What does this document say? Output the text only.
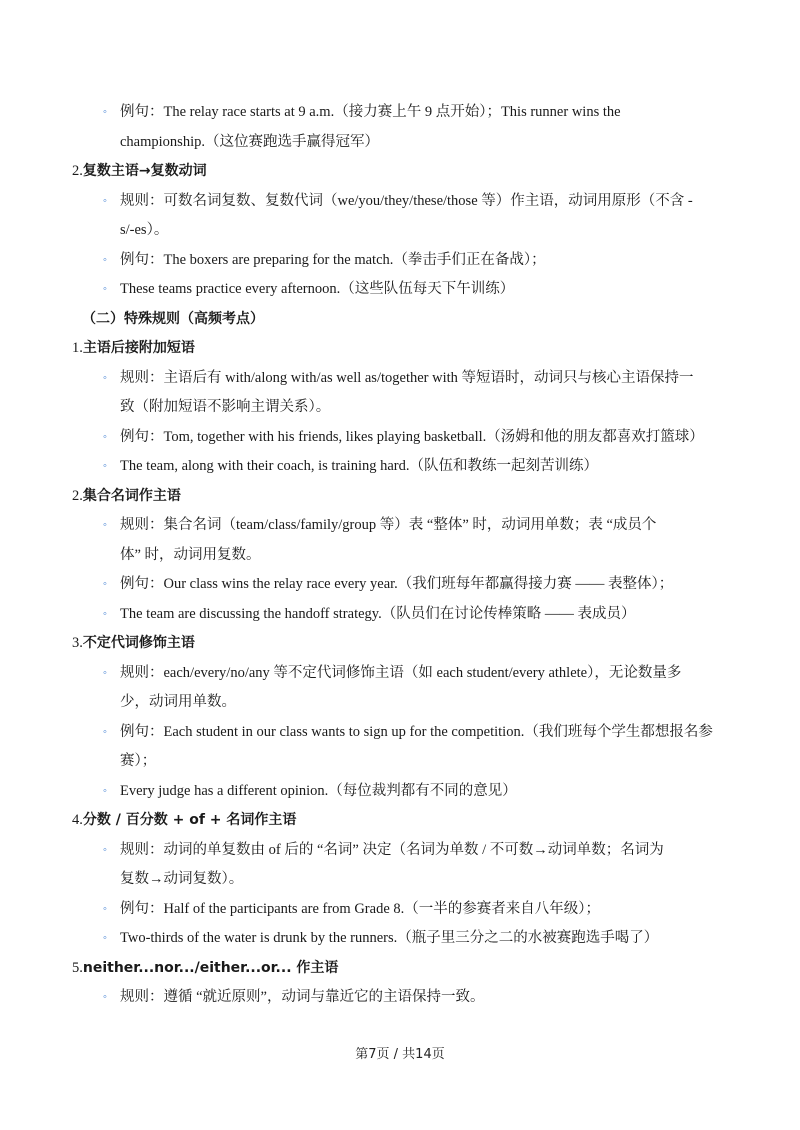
◦ 例句：The relay race starts at 9 a.m.（接力赛上午 9 点开始）；This runner wins the
championship.（这位赛跑选手赢得冠军）
2.复数主语→复数动词
◦ 规则：可数名词复数、复数代词（we/you/they/these/those 等）作主语，动词用原形（不含 -
s/-es）。
◦ 例句：The boxers are preparing for the match.（拳击手们正在备战）；
◦ These teams practice every afternoon.（这些队伍每天下午训练）
（二）特殊规则（高频考点）
1.主语后接附加短语
◦ 规则：主语后有 with/along with/as well as/together with 等短语时，动词只与核心主语保持一
致（附加短语不影响主谓关系）。
◦ 例句：Tom, together with his friends, likes playing basketball.（汤姆和他的朋友都喜欢打篮球）
◦ The team, along with their coach, is training hard.（队伍和教练一起刻苦训练）
2.集合名词作主语
◦ 规则：集合名词（team/class/family/group 等）表 “整体” 时，动词用单数；表 “成员个
体” 时，动词用复数。
◦ 例句：Our class wins the relay race every year.（我们班每年都赢得接力赛 —— 表整体）；
◦ The team are discussing the handoff strategy.（队员们在讨论传棒策略 —— 表成员）
3.不定代词修饰主语
◦ 规则：each/every/no/any 等不定代词修饰主语（如 each student/every athlete），无论数量多
少，动词用单数。
◦ 例句：Each student in our class wants to sign up for the competition.（我们班每个学生都想报名参
赛）；
◦ Every judge has a different opinion.（每位裁判都有不同的意见）
4.分数 / 百分数 + of + 名词作主语
◦ 规则：动词的单复数由 of 后的 “名词” 决定（名词为单数 / 不可数→动词单数；名词为
复数→动词复数）。
◦ 例句：Half of the participants are from Grade 8.（一半的参赛者来自八年级）；
◦ Two-thirds of the water is drunk by the runners.（瓶子里三分之二的水被赛跑选手喝了）
5.neither...nor.../either...or... 作主语
◦ 规则：遵循 “就近原则”，动词与靠近它的主语保持一致。
第7页 / 共14页
